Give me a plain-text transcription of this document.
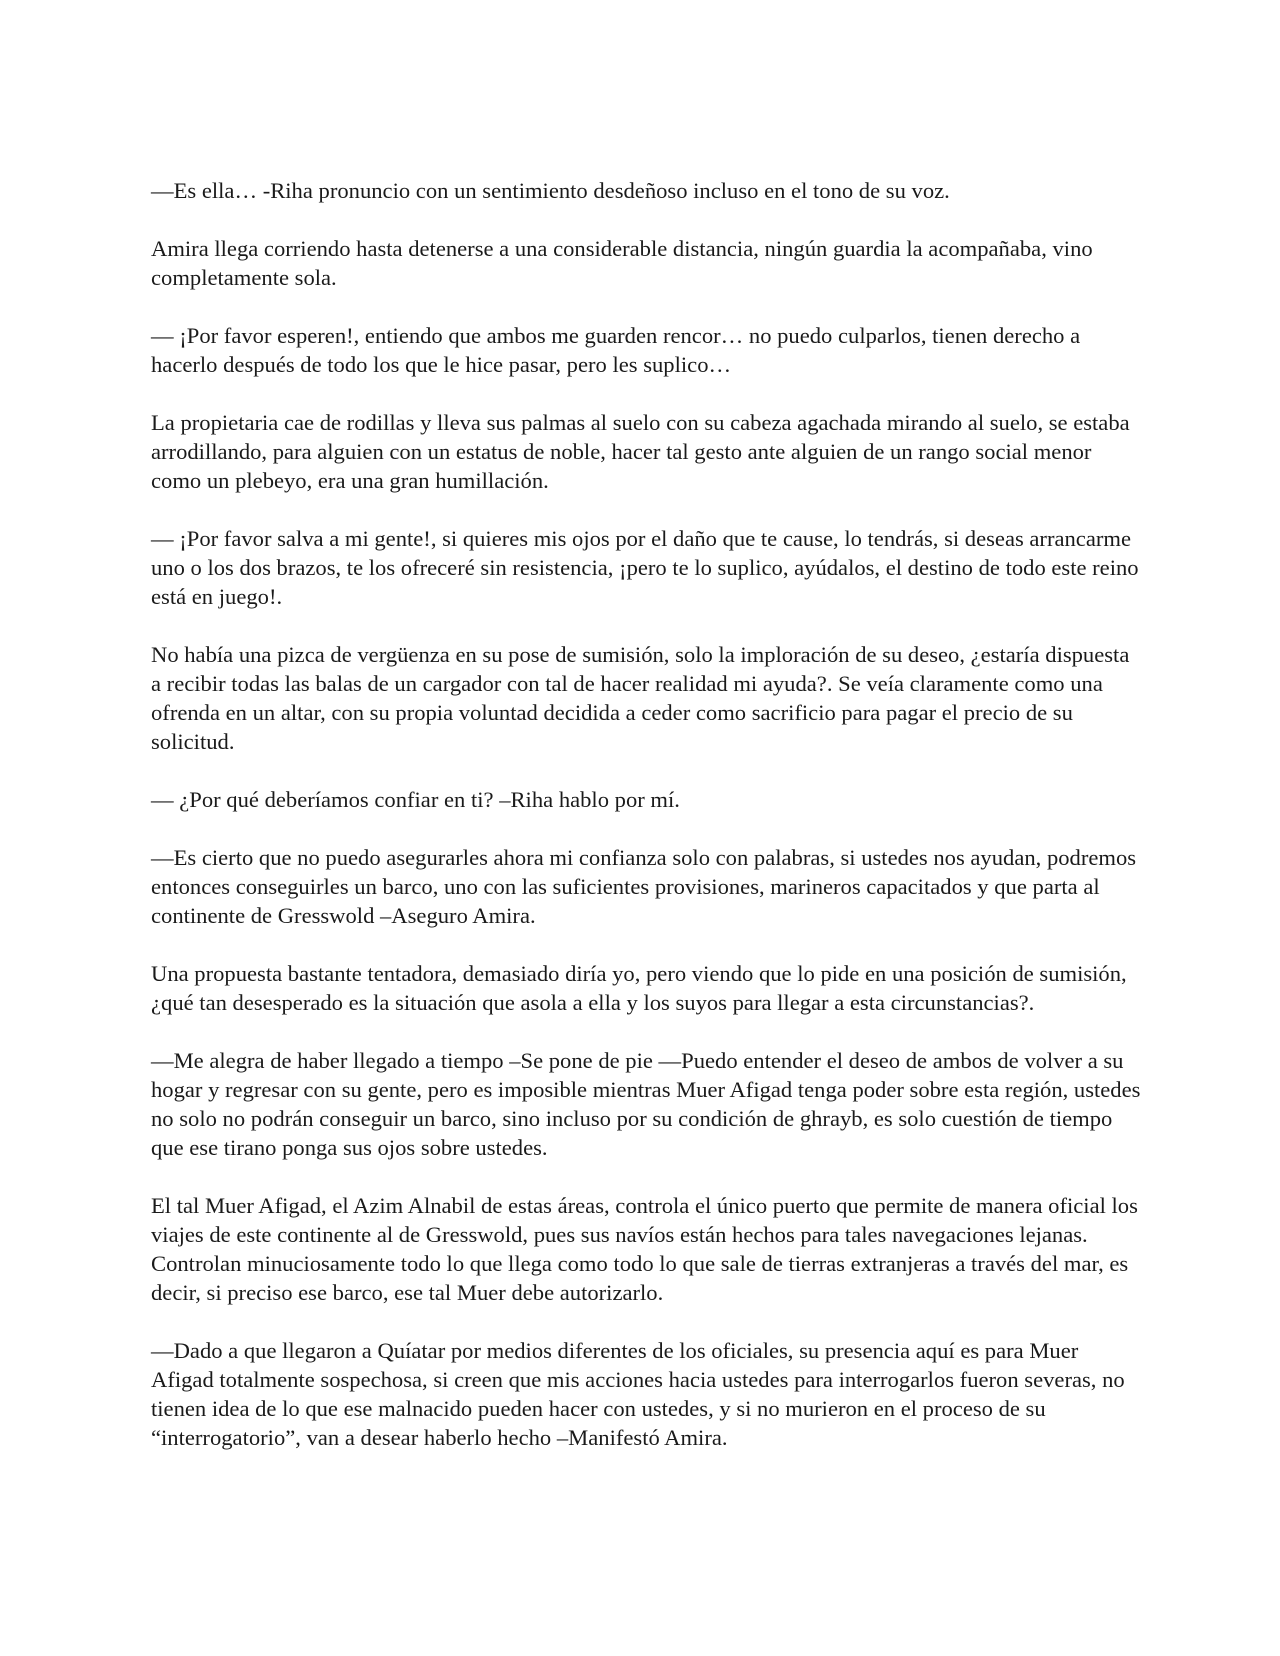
—Es ella… -Riha pronuncio con un sentimiento desdeñoso incluso en el tono de su voz.

Amira llega corriendo hasta detenerse a una considerable distancia, ningún guardia la acompañaba, vino completamente sola.

— ¡Por favor esperen!, entiendo que ambos me guarden rencor… no puedo culparlos, tienen derecho a hacerlo después de todo los que le hice pasar, pero les suplico…

La propietaria cae de rodillas y lleva sus palmas al suelo con su cabeza agachada mirando al suelo, se estaba arrodillando, para alguien con un estatus de noble, hacer tal gesto ante alguien de un rango social menor como un plebeyo, era una gran humillación.

— ¡Por favor salva a mi gente!, si quieres mis ojos por el daño que te cause, lo tendrás, si deseas arrancarme uno o los dos brazos, te los ofreceré sin resistencia, ¡pero te lo suplico, ayúdalos, el destino de todo este reino está en juego!.

No había una pizca de vergüenza en su pose de sumisión, solo la imploración de su deseo, ¿estaría dispuesta a recibir todas las balas de un cargador con tal de hacer realidad mi ayuda?. Se veía claramente como una ofrenda en un altar, con su propia voluntad decidida a ceder como sacrificio para pagar el precio de su solicitud.

— ¿Por qué deberíamos confiar en ti? –Riha hablo por mí.

—Es cierto que no puedo asegurarles ahora mi confianza solo con palabras, si ustedes nos ayudan, podremos entonces conseguirles un barco, uno con las suficientes provisiones, marineros capacitados y que parta al continente de Gresswold –Aseguro Amira.

Una propuesta bastante tentadora, demasiado diría yo, pero viendo que lo pide en una posición de sumisión, ¿qué tan desesperado es la situación que asola a ella y los suyos para llegar a esta circunstancias?.

—Me alegra de haber llegado a tiempo –Se pone de pie —Puedo entender el deseo de ambos de volver a su hogar y regresar con su gente, pero es imposible mientras Muer Afigad tenga poder sobre esta región, ustedes no solo no podrán conseguir un barco, sino incluso por su condición de ghrayb, es solo cuestión de tiempo que ese tirano ponga sus ojos sobre ustedes.

El tal Muer Afigad, el Azim Alnabil de estas áreas, controla el único puerto que permite de manera oficial los viajes de este continente al de Gresswold, pues sus navíos están hechos para tales navegaciones lejanas. Controlan minuciosamente todo lo que llega como todo lo que sale de tierras extranjeras a través del mar, es decir, si preciso ese barco, ese tal Muer debe autorizarlo.

—Dado a que llegaron a Quíatar por medios diferentes de los oficiales, su presencia aquí es para Muer Afigad totalmente sospechosa, si creen que mis acciones hacia ustedes para interrogarlos fueron severas, no tienen idea de lo que ese malnacido pueden hacer con ustedes, y si no murieron en el proceso de su “interrogatorio”, van a desear haberlo hecho –Manifestó Amira.
